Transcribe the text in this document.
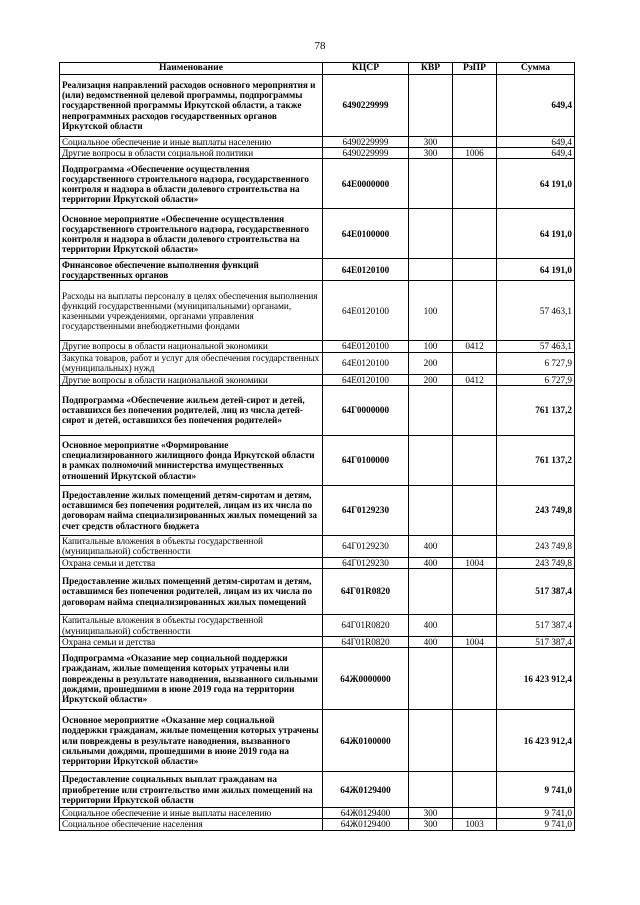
78
Наименование	КЦСР	КВР	РзПР	Сумма
Реализация направлений расходов основного мероприятия и (или) ведомственной целевой программы, подпрограммы государственной программы Иркутской области, а также непрограммных расходов государственных органов Иркутской области	6490229999			649,4
Социальное обеспечение и иные выплаты населению	6490229999	300		649,4
Другие вопросы в области социальной политики	6490229999	300	1006	649,4
Подпрограмма «Обеспечение осуществления государственного строительного надзора, государственного контроля и надзора в области долевого строительства на территории Иркутской области»	64Е0000000			64 191,0
Основное мероприятие «Обеспечение осуществления государственного строительного надзора, государственного контроля и надзора в области долевого строительства на территории Иркутской области»	64Е0100000			64 191,0
Финансовое обеспечение выполнения функций государственных органов	64Е0120100			64 191,0
Расходы на выплаты персоналу в целях обеспечения выполнения функций государственными (муниципальными) органами, казенными учреждениями, органами управления государственными внебюджетными фондами	64Е0120100	100		57 463,1
Другие вопросы в области национальной экономики	64Е0120100	100	0412	57 463,1
Закупка товаров, работ и услуг для обеспечения государственных (муниципальных) нужд	64Е0120100	200		6 727,9
Другие вопросы в области национальной экономики	64Е0120100	200	0412	6 727,9
Подпрограмма «Обеспечение жильем детей-сирот и детей, оставшихся без попечения родителей, лиц из числа детей-сирот и детей, оставшихся без попечения родителей»	64Г0000000			761 137,2
Основное мероприятие «Формирование специализированного жилищного фонда Иркутской области в рамках полномочий министерства имущественных отношений Иркутской области»	64Г0100000			761 137,2
Предоставление жилых помещений детям-сиротам и детям, оставшимся без попечения родителей, лицам из их числа по договорам найма специализированных жилых помещений за счет средств областного бюджета	64Г0129230			243 749,8
Капитальные вложения в объекты государственной (муниципальной) собственности	64Г0129230	400		243 749,8
Охрана семьи и детства	64Г0129230	400	1004	243 749,8
Предоставление жилых помещений детям-сиротам и детям, оставшимся без попечения родителей, лицам из их числа по договорам найма специализированных жилых помещений	64Г01R0820			517 387,4
Капитальные вложения в объекты государственной (муниципальной) собственности	64Г01R0820	400		517 387,4
Охрана семьи и детства	64Г01R0820	400	1004	517 387,4
Подпрограмма «Оказание мер социальной поддержки гражданам, жилые помещения которых утрачены или повреждены в результате наводнения, вызванного сильными дождями, прошедшими в июне 2019 года на территории Иркутской области»	64Ж0000000			16 423 912,4
Основное мероприятие «Оказание мер социальной поддержки гражданам, жилые помещения которых утрачены или повреждены в результате наводнения, вызванного сильными дождями, прошедшими в июне 2019 года на территории Иркутской области»	64Ж0100000			16 423 912,4
Предоставление социальных выплат гражданам на приобретение или строительство ими жилых помещений на территории Иркутской области	64Ж0129400			9 741,0
Социальное обеспечение и иные выплаты населению	64Ж0129400	300		9 741,0
Социальное обеспечение населения	64Ж0129400	300	1003	9 741,0
